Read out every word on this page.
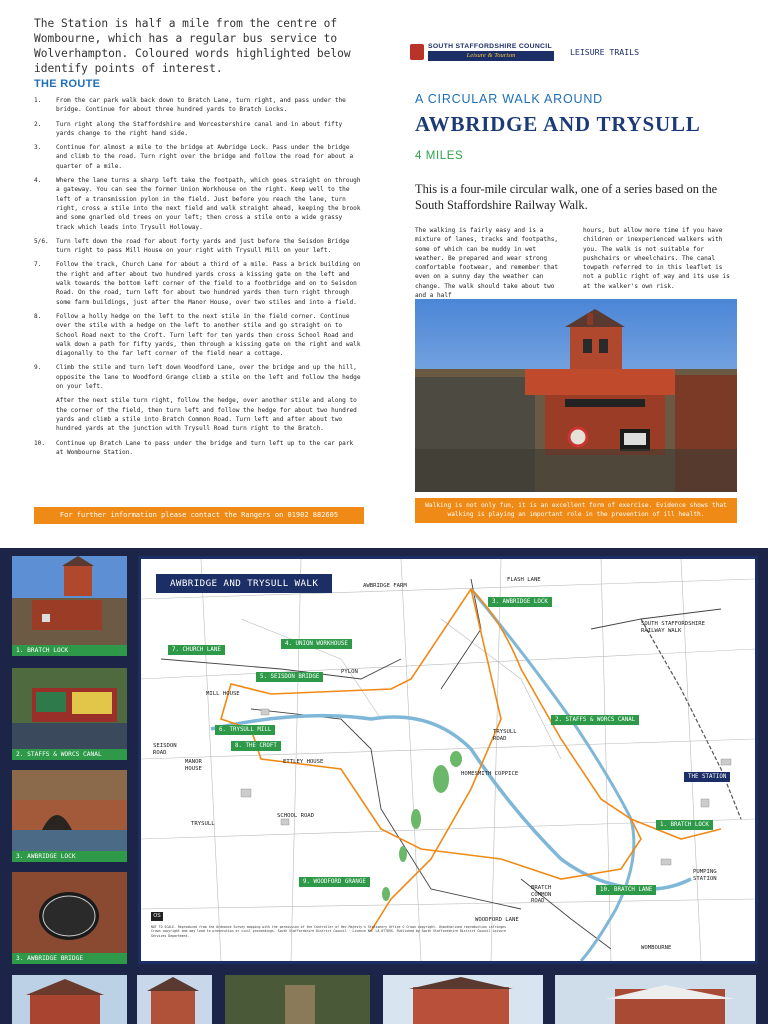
The Station is half a mile from the centre of Wombourne, which has a regular bus service to Wolverhampton. Coloured words highlighted below identify points of interest.

THE ROUTE
1.	From the car park walk back down to Bratch Lane, turn right, and pass under the bridge. Continue for about three hundred yards to Bratch Locks.
2.	Turn right along the Staffordshire and Worcestershire canal and in about fifty yards change to the right hand side.
3.	Continue for almost a mile to the bridge at Awbridge Lock. Pass under the bridge and climb to the road. Turn right over the bridge and follow the road for about a quarter of a mile.
4.	Where the lane turns a sharp left take the footpath, which goes straight on through a gateway. You can see the former Union Workhouse on the right. Keep well to the left of a transmission pylon in the field. Just before you reach the lane, turn right, cross a stile into the next field and walk straight ahead, keeping the brook and some gnarled old trees on your left; then cross a stile onto a wide grassy track which leads into Trysull Holloway.
5/6.	Turn left down the road for about forty yards and just before the Seisdon Bridge turn right to pass Mill House on your right with Trysull Mill on your left.
7.	Follow the track, Church Lane for about a third of a mile. Pass a brick building on the right and after about two hundred yards cross a kissing gate on the left and walk towards the bottom left corner of the field to a footbridge and on to Seisdon Road. On the road, turn left for about two hundred yards then turn right through some farm buildings, just after the Manor House, over two stiles and into a field.
8.	Follow a holly hedge on the left to the next stile in the field corner. Continue over the stile with a hedge on the left to another stile and go straight on to School Road next to the Croft. Turn left for ten yards then cross School Road and walk down a path for fifty yards, then through a kissing gate on the right and walk diagonally to the far left corner of the field near a cottage.
9.	Climb the stile and turn left down Woodford Lane, over the bridge and up the hill, opposite the lane to Woodford Grange climb a stile on the left and follow the hedge on your left.
After the next stile turn right, follow the hedge, over another stile and along to the corner of the field, then turn left and follow the hedge for about two hundred yards and climb a stile into Bratch Common Road. Turn left and after about two hundred yards at the junction with Trysull Road turn right to the Bratch.
10.	Continue up Bratch Lane to pass under the bridge and turn left up to the car park at Wombourne Station.
For further information please contact the Rangers on 01902 882605
SOUTH STAFFORDSHIRE COUNCIL
Leisure & Tourism	LEISURE TRAILS
A CIRCULAR WALK AROUND
AWBRIDGE AND TRYSULL
4 MILES

This is a four-mile circular walk, one of a series based on the South Staffordshire Railway Walk.

The walking is fairly easy and is a mixture of lanes, tracks and footpaths, some of which can be muddy in wet weather. Be prepared and wear strong comfortable footwear, and remember that even on a sunny day the weather can change. The walk should take about two and a half

hours, but allow more time if you have children or inexperienced walkers with you. The walk is not suitable for pushchairs or wheelchairs. The canal towpath referred to in this leaflet is not a public right of way and its use is at the walker's own risk.

Walking is not only fun, it is an excellent form of exercise. Evidence shows that walking is playing an important role in the prevention of ill health.
1. BRATCH LOCK
2. STAFFS & WORCS CANAL
3. AWBRIDGE LOCK
3. AWBRIDGE BRIDGE
AWBRIDGE AND TRYSULL WALK
3. AWBRIDGE LOCK
4. UNION WORKHOUSE
7. CHURCH LANE
5. SEISDON BRIDGE
6. TRYSULL MILL
8. THE CROFT
2. STAFFS & WORCS CANAL
THE STATION
1. BRATCH LOCK
9. WOODFORD GRANGE
10. BRATCH LANE
AWBRIDGE FARM
FLASH LANE
SOUTH STAFFORDSHIRE RAILWAY WALK
PYLON
MILL HOUSE
SEISDON ROAD
MANOR HOUSE
ETTLEY HOUSE
TRYSULL ROAD
HOMESMITH COPPICE
TRYSULL
SCHOOL ROAD
BRATCH COMMON ROAD
WOODFORD LANE
PUMPING STATION
WOMBOURNE
OS
NOT TO SCALE. Reproduced from the Ordnance Survey mapping with the permission of the Controller of Her Majesty's Stationery Office © Crown copyright. Unauthorised reproduction infringes Crown copyright and may lead to prosecution or civil proceedings. South Staffordshire District Council · Licence No. LA 07769X. Published by South Staffordshire District Council Leisure Services Department.
